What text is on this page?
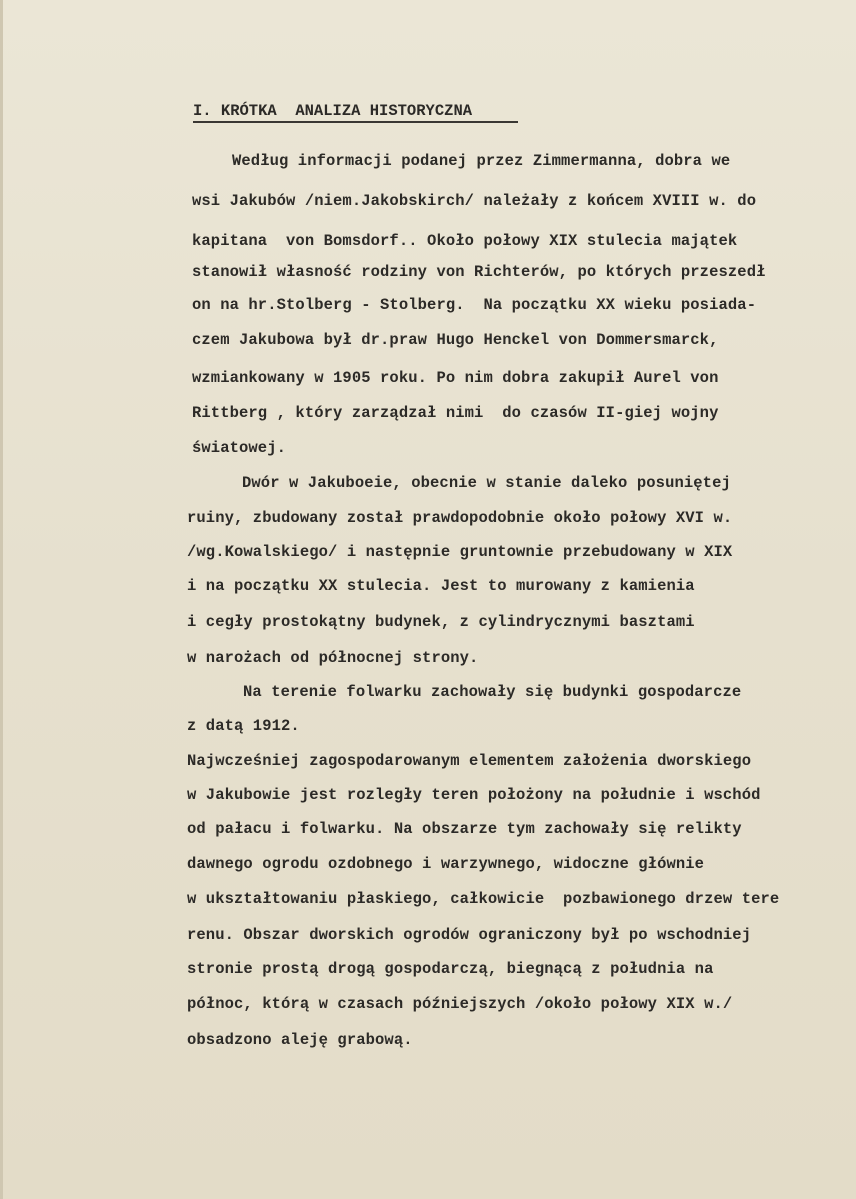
I. KRÓTKA  ANALIZA HISTORYCZNA
Według informacji podanej przez Zimmermanna, dobra we
wsi Jakubów /niem.Jakobskirch/ należały z końcem XVIII w. do
kapitana  von Bomsdorf.. Około połowy XIX stulecia majątek
stanowił własność rodziny von Richterów, po których przeszedł
on na hr.Stolberg - Stolberg.  Na początku XX wieku posiada-
czem Jakubowa był dr.praw Hugo Henckel von Dommersmarck,
wzmiankowany w 1905 roku. Po nim dobra zakupił Aurel von
Rittberg , który zarządzał nimi  do czasów II-giej wojny
światowej.
Dwór w Jakuboeie, obecnie w stanie daleko posuniętej
ruiny, zbudowany został prawdopodobnie około połowy XVI w.
/wg.Kowalskiego/ i następnie gruntownie przebudowany w XIX
i na początku XX stulecia. Jest to murowany z kamienia
i cegły prostokątny budynek, z cylindrycznymi basztami
w narożach od północnej strony.
Na terenie folwarku zachowały się budynki gospodarcze
z datą 1912.
Najwcześniej zagospodarowanym elementem założenia dworskiego
w Jakubowie jest rozległy teren położony na południe i wschód
od pałacu i folwarku. Na obszarze tym zachowały się relikty
dawnego ogrodu ozdobnego i warzywnego, widoczne głównie
w ukształtowaniu płaskiego, całkowicie  pozbawionego drzew tere
renu. Obszar dworskich ogrodów ograniczony był po wschodniej
stronie prostą drogą gospodarczą, biegnącą z południa na
północ, którą w czasach późniejszych /około połowy XIX w./
obsadzono aleję grabową.
